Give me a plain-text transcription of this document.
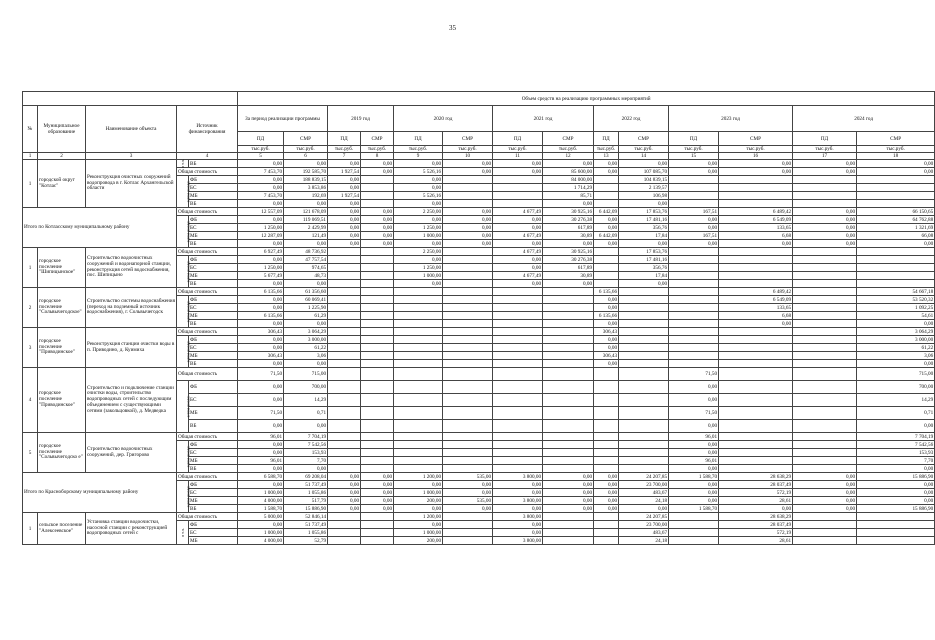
35
					Объем средств на реализацию программных мероприятий													
№	Муниципальное образование	Наименование объекта	Источник финансирования		За период реализации программы		2019 год		2020 год		2021 год		2022 год		2023 год		2024 год	
					ПД	СМР	ПД	СМР	ПД	СМР	ПД	СМР	ПД	СМР	ПД	СМР	ПД	СМР
					тыс.руб.	тыс.руб.	тыс.руб.	тыс.руб.	тыс.руб.	тыс.руб.	тыс.руб.	тыс.руб.	тыс.руб.	тыс.руб.	тыс.руб.	тыс.руб.	тыс.руб.	тыс.руб.
1	2	3	4		5	6	7	8	9	10	11	12	13	14	15	16	17	18
1	городской округ "Котлас"	Реконструкция очистных сооружений водопровода в г. Котлас Архангельской области	в т.ч.	ВБ	0,00	0,00	0,00	0,00	0,00	0,00	0,00	0,00	0,00	0,00	0,00	0,00	0,00	0,00
			Общая стоимость		7 453,70	192 585,70	1 927,54	0,00	5 526,16	0,00	0,00	85 600,00	0,00	107 085,70	0,00	0,00	0,00	0,00
			в том числе:	ФБ	0,00	188 839,15	0,00		0,00			84 000,00		104 839,15				
				БС	0,00	3 853,86	0,00		0,00			1 714,29		2 139,57				
				МБ	7 453,70	192,69	1 927,54		5 526,16			85,71		106,98				
				ВБ	0,00	0,00	0,00		0,00			0,00		0,00				
Итого по Котласскому муниципальному району			Общая стоимость		12 557,09	121 678,09	0,00	0,00	2 250,00	0,00	4 677,49	30 925,16	6 442,09	17 853,76	167,51	6 489,42	0,00	66 150,65
			в том числе:	ФБ	0,00	119 069,51	0,00	0,00	0,00	0,00	0,00	30 276,38	0,00	17 481,16	0,00	6 549,09	0,00	64 762,88
				БС	1 250,00	2 429,99	0,00	0,00	1 250,00	0,00	0,00	617,89	0,00	356,76	0,00	133,65	0,00	1 321,69
				МБ	12 287,09	121,49	0,00	0,00	1 000,00	0,00	4 677,49	30,89	6 442,09	17,84	167,51	6,68	0,00	66,08
				ВБ	0,00	0,00	0,00	0,00	0,00	0,00	0,00	0,00	0,00	0,00	0,00	0,00	0,00	0,00
1	городское поселение "Шипицынское"	Строительство водоочистных сооружений и водонапорной станции, реконструкция сетей водоснабжения, пос. Шипицыно	Общая стоимость		6 927,49	48 736,92			2 250,00		4 677,49	30 925,16		17 853,76				
			в том числе:	ФБ	0,00	47 757,54			0,00		0,00	30 276,38		17 481,16				
				БС	1 250,00	974,65			1 250,00		0,00	617,89		356,76				
				МБ	5 677,49	48,73			1 000,00		4 677,49	30,89		17,84				
				ВБ	0,00	0,00			0,00		0,00	0,00		0,00				
2	городское поселение "Сольвычегодское"	Строительство системы водоснабжения (переход на подземный источник водоснабжения), г. Сольвычегодск	Общая стоимость		6 135,66	61 356,60							6 135,66			6 489,42		54 667,18
			в том числе:	ФБ	0,00	60 069,41							0,00			6 549,09		53 520,32
				БС	0,00	1 225,90							0,00			133,65		1 092,25
				МБ	6 135,66	61,29							6 135,66			6,68		54,61
				ВБ	0,00	0,00							0,00			0,00		0,00
3	городское поселение "Приводинское"	Реконструкция станции очистки воды в п. Приводино, д. Куимиха	Общая стоимость		306,43	3 064,29							306,43					3 064,29
			в том числе:	ФБ	0,00	3 000,00							0,00					3 000,00
				БС	0,00	61,22							0,00					61,22
				МБ	306,43	3,06							306,43					3,06
				ВБ	0,00	0,00							0,00					0,00
4	городское поселение "Приводинское"	Строительство и подключение станции очистки воды, строительство водопроводных сетей с последующим объединением с существующими сетями (закольцовкой), д. Медведка	Общая стоимость		71,50	715,00									71,50			715,00
			в том числе:	ФБ	0,00	700,00									0,00			700,00
				БС	0,00	14,29									0,00			14,29
				МБ	71,50	0,71									71,50			0,71
				ВБ	0,00	0,00									0,00			0,00
5	городское поселение "Сольвычегодско е"	Строительство водоочистных сооружений, дер. Григорово	Общая стоимость		96,01	7 704,19									96,01			7 704,19
			в том числе:	ФБ	0,00	7 542,56									0,00			7 542,56
				БС	0,00	153,93									0,00			153,93
				МБ	96,01	7,70									96,01			7,70
				ВБ	0,00	0,00									0,00			0,00
Итого по Красноборскому муниципальному району			Общая стоимость		6 588,70	69 208,04	0,00	0,00	1 200,00	535,00	3 800,00	0,00	0,00	24 207,85	1 588,70	28 638,29	0,00	15 886,90
			в том числе:	ФБ	0,00	51 737,49	0,00	0,00	0,00	0,00	0,00	0,00	0,00	23 700,00	0,00	28 037,49	0,00	0,00
				БС	1 000,00	1 055,86	0,00	0,00	1 000,00	0,00	0,00	0,00	0,00	483,67	0,00	572,19	0,00	0,00
				МБ	4 000,00	517,79	0,00	0,00	200,00	535,00	3 800,00	0,00	0,00	24,18	0,00	28,61	0,00	0,00
				ВБ	1 588,70	15 886,90	0,00	0,00	0,00	0,00	0,00	0,00	0,00	0,00	1 588,70	0,00	0,00	15 886,90
1	сельское поселение "Алексеевское"	Установка станции водоочистки, насосной станции с реконструкцией водопроводных сетей с	Общая стоимость		5 000,00	52 846,14			1 200,00		3 800,00			24 207,85		28 638,29		
			в т.ч.	ФБ	0,00	51 737,49			0,00		0,00			23 700,00		28 037,49		
				БС	1 000,00	1 055,86			1 000,00		0,00			483,67		572,19		
				МБ	4 000,00	52,79			200,00		3 800,00			24,18		28,61		
